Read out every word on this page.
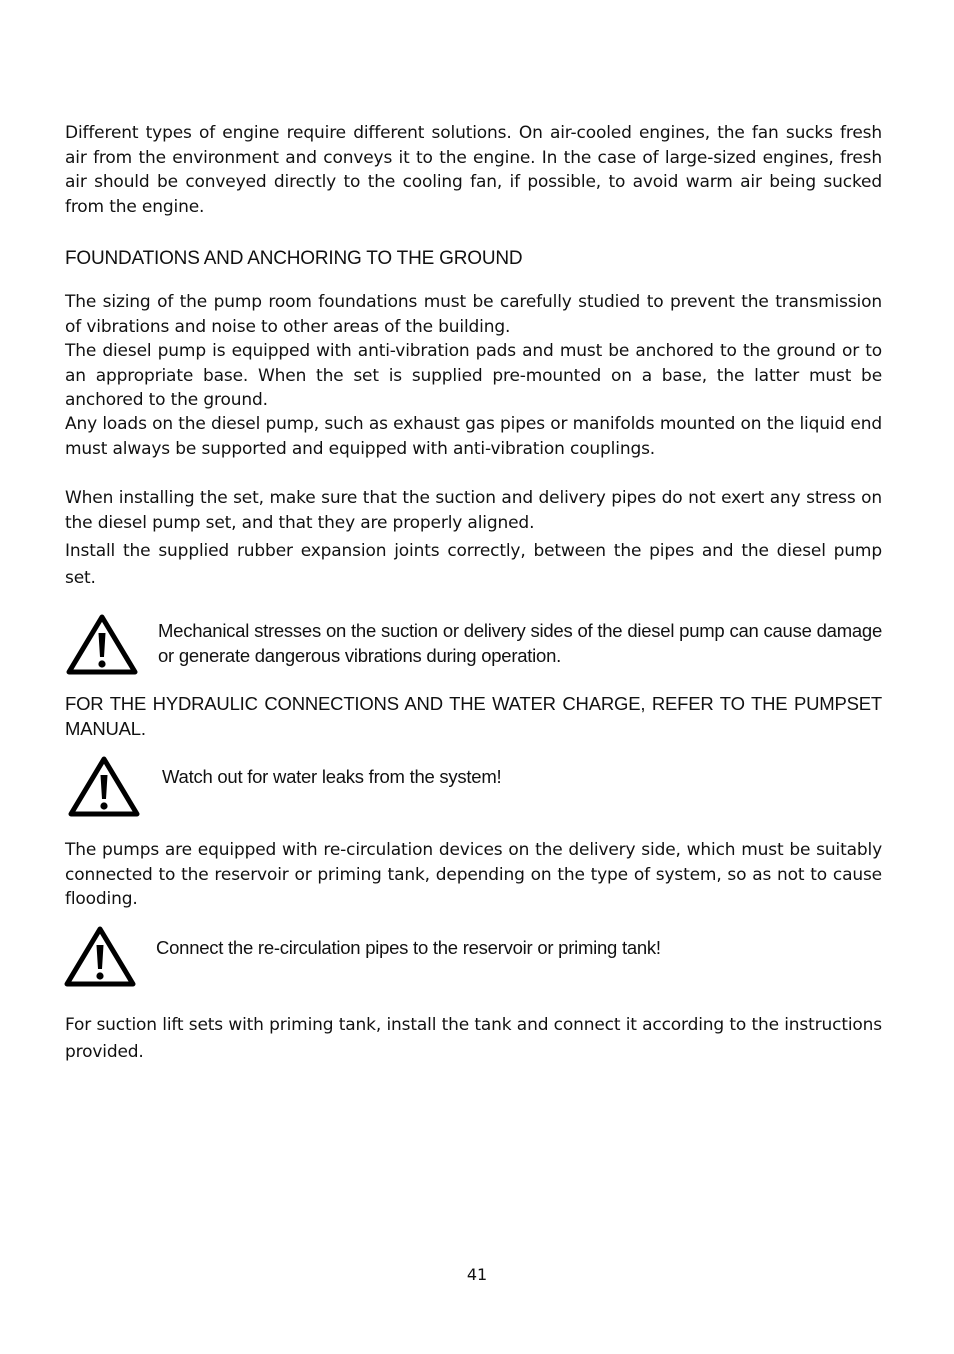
Different types of engine require different solutions. On air-cooled engines, the fan sucks fresh air from the environment and conveys it to the engine. In the case of large-sized engines, fresh air should be conveyed directly to the cooling fan, if possible, to avoid warm air being sucked from the engine.

FOUNDATIONS AND ANCHORING TO THE GROUND

The sizing of the pump room foundations must be carefully studied to prevent the transmission of vibrations and noise to other areas of the building.

The diesel pump is equipped with anti-vibration pads and must be anchored to the ground or to an appropriate base. When the set is supplied pre-mounted on a base, the latter must be anchored to the ground.

Any loads on the diesel pump, such as exhaust gas pipes or manifolds mounted on the liquid end must always be supported and equipped with anti-vibration couplings.

When installing the set, make sure that the suction and delivery pipes do not exert any stress on the diesel pump set, and that they are properly aligned.

Install the supplied rubber expansion joints correctly, between the pipes and the diesel pump set.

Mechanical stresses on the suction or delivery sides of the diesel pump can cause damage or generate dangerous vibrations during operation.

FOR THE HYDRAULIC CONNECTIONS AND THE WATER CHARGE, REFER TO THE PUMPSET MANUAL.

Watch out for water leaks from the system!

The pumps are equipped with re-circulation devices on the delivery side, which must be suitably connected to the reservoir or priming tank, depending on the type of system, so as not to cause flooding.

Connect the re-circulation pipes to the reservoir or priming tank!

For suction lift sets with priming tank, install the tank and connect it according to the instructions provided.

41
